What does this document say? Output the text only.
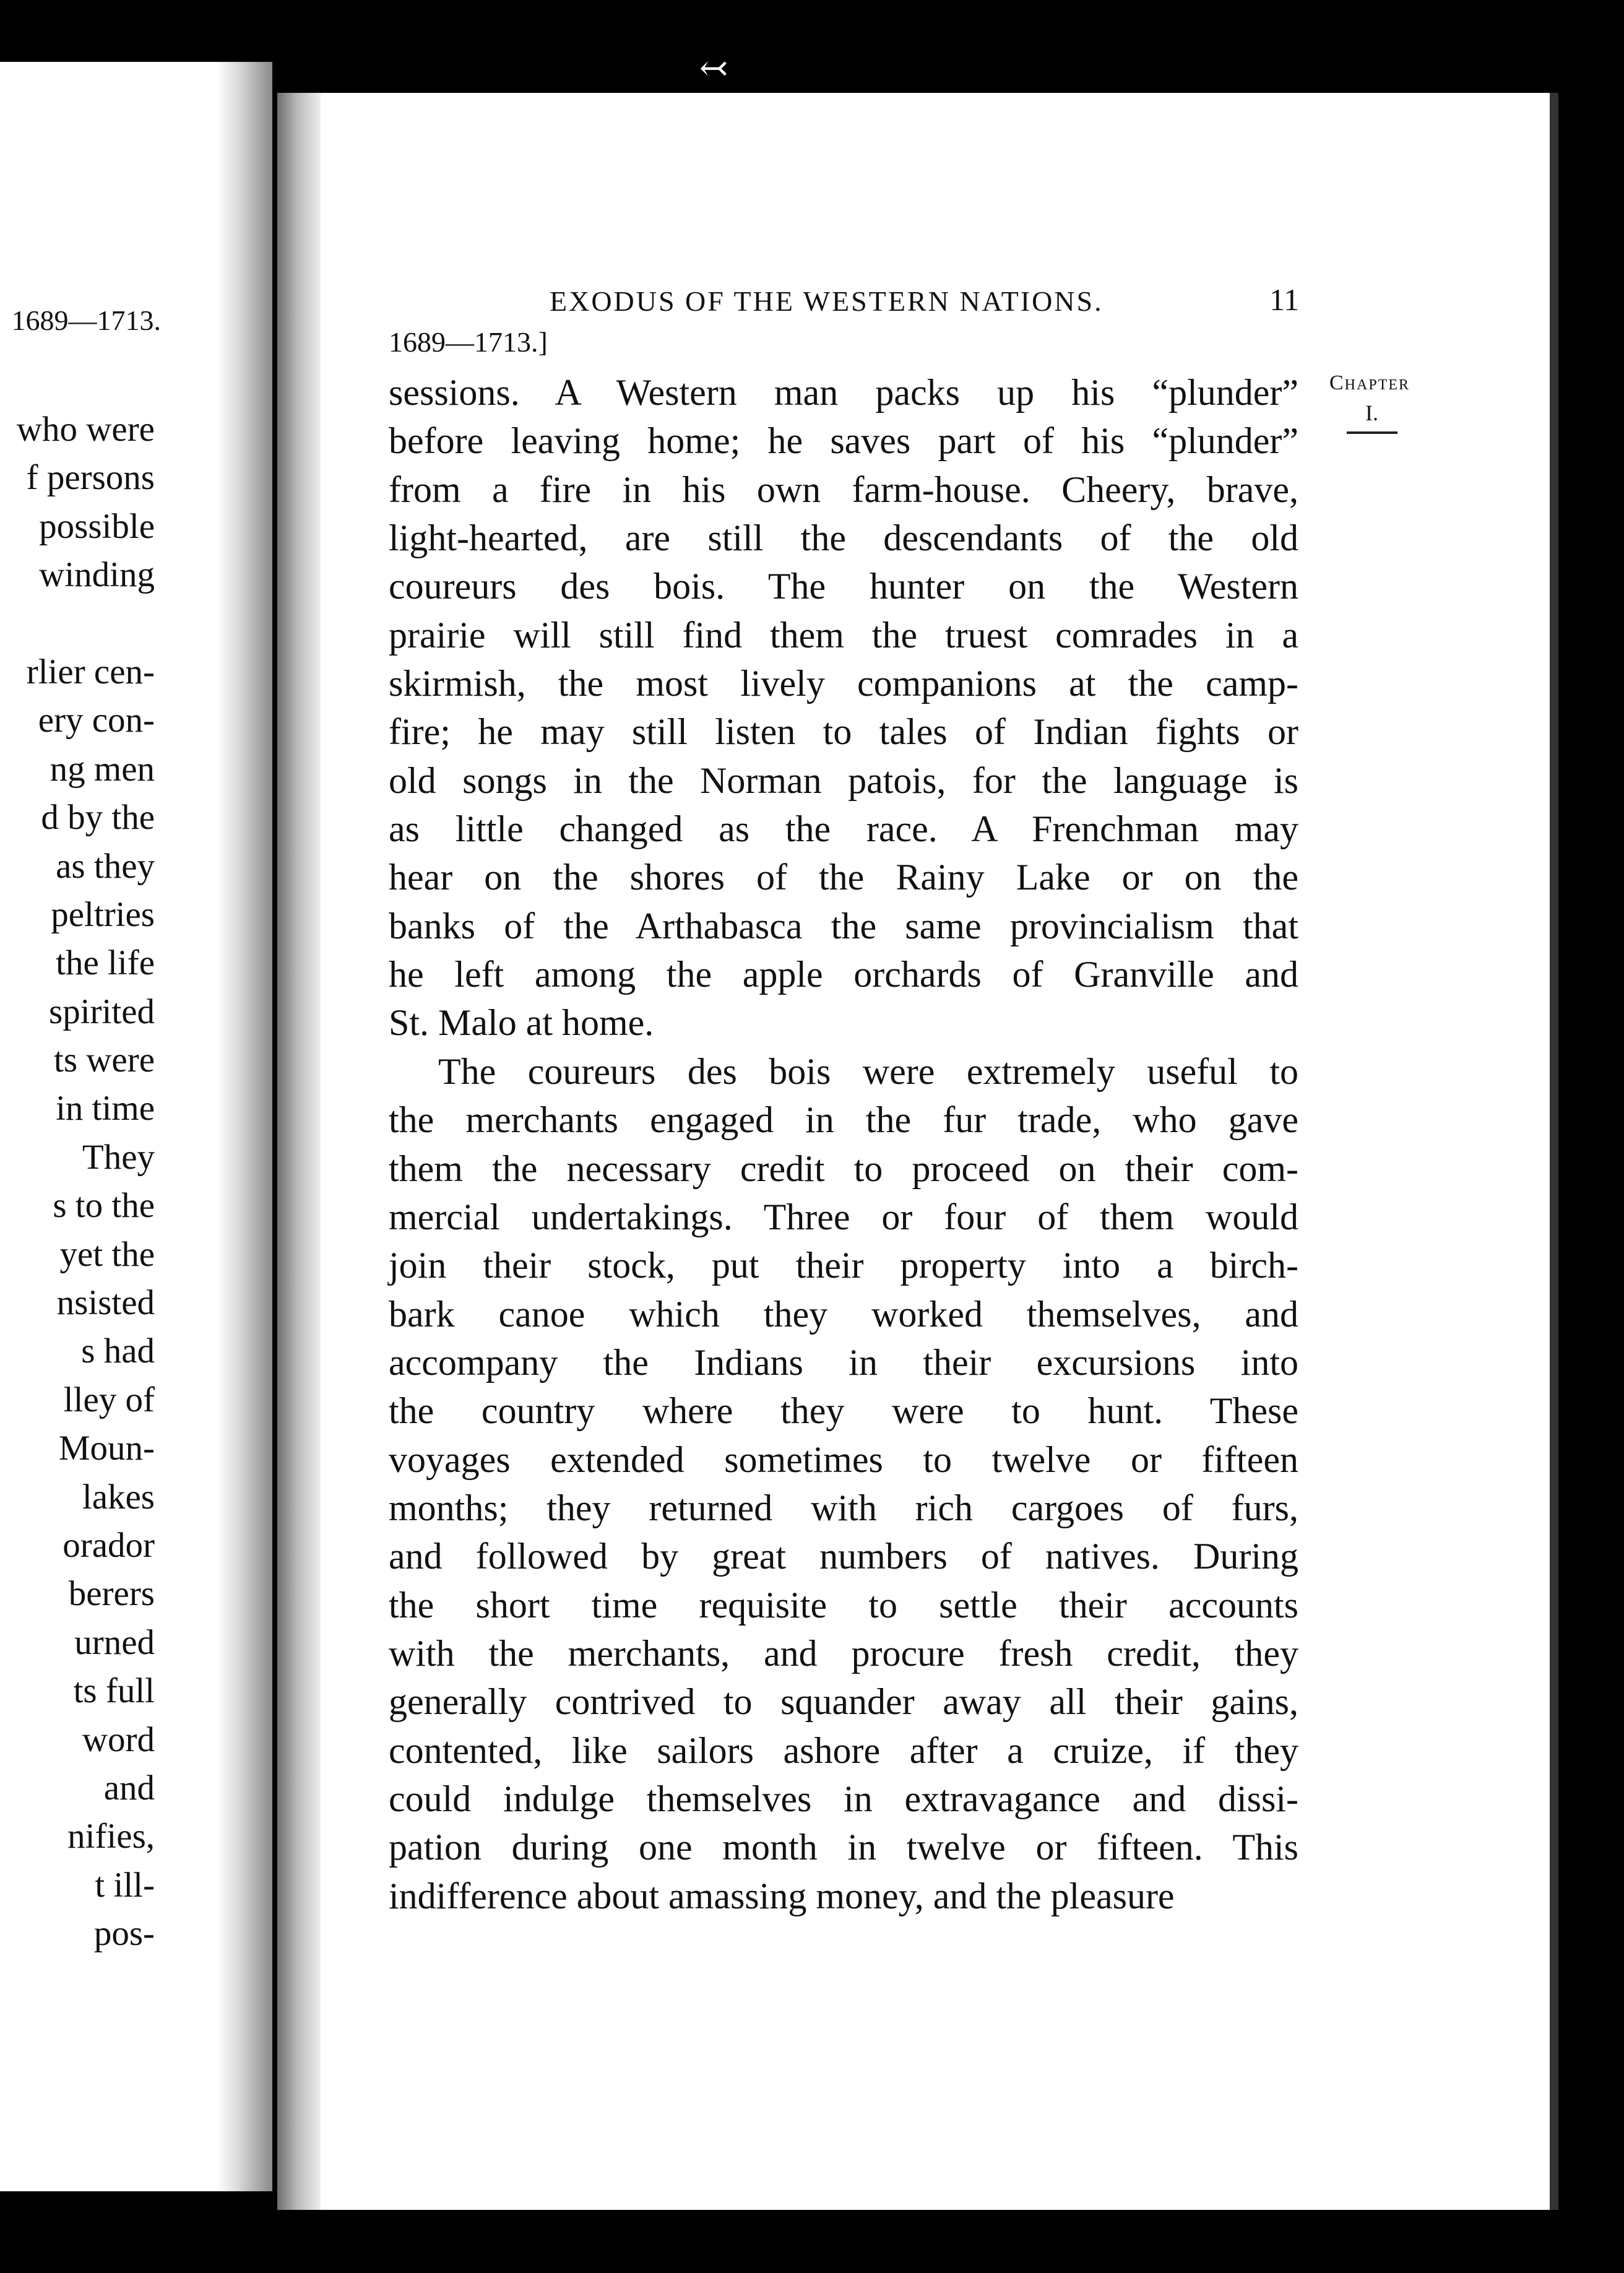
↢
1689—1713.
who were
f persons
possible
winding
rlier cen-
ery con-
ng men
d by the
as they
peltries
the life
spirited
ts were
in time
They
s to the
yet the
nsisted
s had
lley of
Moun-
lakes
orador
berers
urned
ts full
word
and
nifies,
t ill-
pos-
EXODUS OF THE WESTERN NATIONS.	11
1689—1713.]
Chapter
I.
sessions. A Western man packs up his “plunder”
before leaving home; he saves part of his “plunder”
from a fire in his own farm-house. Cheery, brave,
light-hearted, are still the descendants of the old
coureurs des bois. The hunter on the Western
prairie will still find them the truest comrades in a
skirmish, the most lively companions at the camp-
fire; he may still listen to tales of Indian fights or
old songs in the Norman patois, for the language is
as little changed as the race. A Frenchman may
hear on the shores of the Rainy Lake or on the
banks of the Arthabasca the same provincialism that
he left among the apple orchards of Granville and
St. Malo at home.
The coureurs des bois were extremely useful to
the merchants engaged in the fur trade, who gave
them the necessary credit to proceed on their com-
mercial undertakings. Three or four of them would
join their stock, put their property into a birch-
bark canoe which they worked themselves, and
accompany the Indians in their excursions into
the country where they were to hunt. These
voyages extended sometimes to twelve or fifteen
months; they returned with rich cargoes of furs,
and followed by great numbers of natives. During
the short time requisite to settle their accounts
with the merchants, and procure fresh credit, they
generally contrived to squander away all their gains,
contented, like sailors ashore after a cruize, if they
could indulge themselves in extravagance and dissi-
pation during one month in twelve or fifteen. This
indifference about amassing money, and the pleasure
